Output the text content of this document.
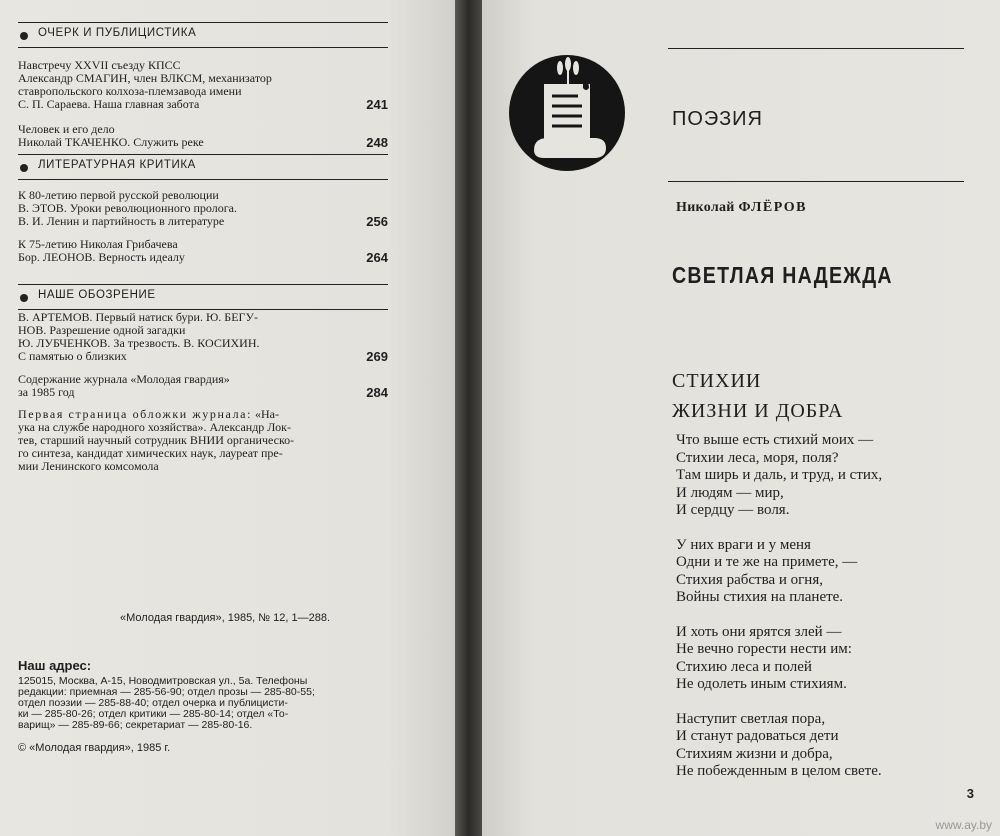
ОЧЕРК И ПУБЛИЦИСТИКА
Навстречу XXVII съезду КПСС
Александр СМАГИН, член ВЛКСМ, механизатор
ставропольского колхоза-племзавода имени
С. П. Сараева. Наша главная забота	241
Человек и его дело
Николай ТКАЧЕНКО. Служить реке	248
ЛИТЕРАТУРНАЯ КРИТИКА
К 80-летию первой русской революции
В. ЭТОВ. Уроки революционного пролога.
В. И. Ленин и партийность в литературе	256
К 75-летию Николая Грибачева
Бор. ЛЕОНОВ. Верность идеалу	264
НАШЕ ОБОЗРЕНИЕ
В. АРТЕМОВ. Первый натиск бури. Ю. БЕГУ-
НОВ. Разрешение одной загадки
Ю. ЛУБЧЕНКОВ. За трезвость. В. КОСИХИН.
С памятью о близких	269
Содержание журнала «Молодая гвардия»
за 1985 год	284
Первая страница обложки журнала: «На-
ука на службе народного хозяйства». Александр Лок-
тев, старший научный сотрудник ВНИИ органическо-
го синтеза, кандидат химических наук, лауреат пре-
мии Ленинского комсомола
«Молодая гвардия», 1985, № 12, 1—288.
Наш адрес:
125015, Москва, А-15, Новодмитровская ул., 5а. Телефоны
редакции: приемная — 285-56-90; отдел прозы — 285-80-55;
отдел поэзии — 285-88-40; отдел очерка и публицисти-
ки — 285-80-26; отдел критики — 285-80-14; отдел «То-
варищ» — 285-89-66; секретариат — 285-80-16.
© «Молодая гвардия», 1985 г.
ПОЭЗИЯ
Николай ФЛЁРОВ
СВЕТЛАЯ НАДЕЖДА
СТИХИИ
ЖИЗНИ И ДОБРА
Что выше есть стихий моих —
Стихии леса, моря, поля?
Там ширь и даль, и труд, и стих,
И людям — мир,
И сердцу — воля.
У них враги и у меня
Одни и те же на примете, —
Стихия рабства и огня,
Войны стихия на планете.
И хоть они ярятся злей —
Не вечно горести нести им:
Стихию леса и полей
Не одолеть иным стихиям.
Наступит светлая пора,
И станут радоваться дети
Стихиям жизни и добра,
Не побежденным в целом свете.
3
www.ay.by
